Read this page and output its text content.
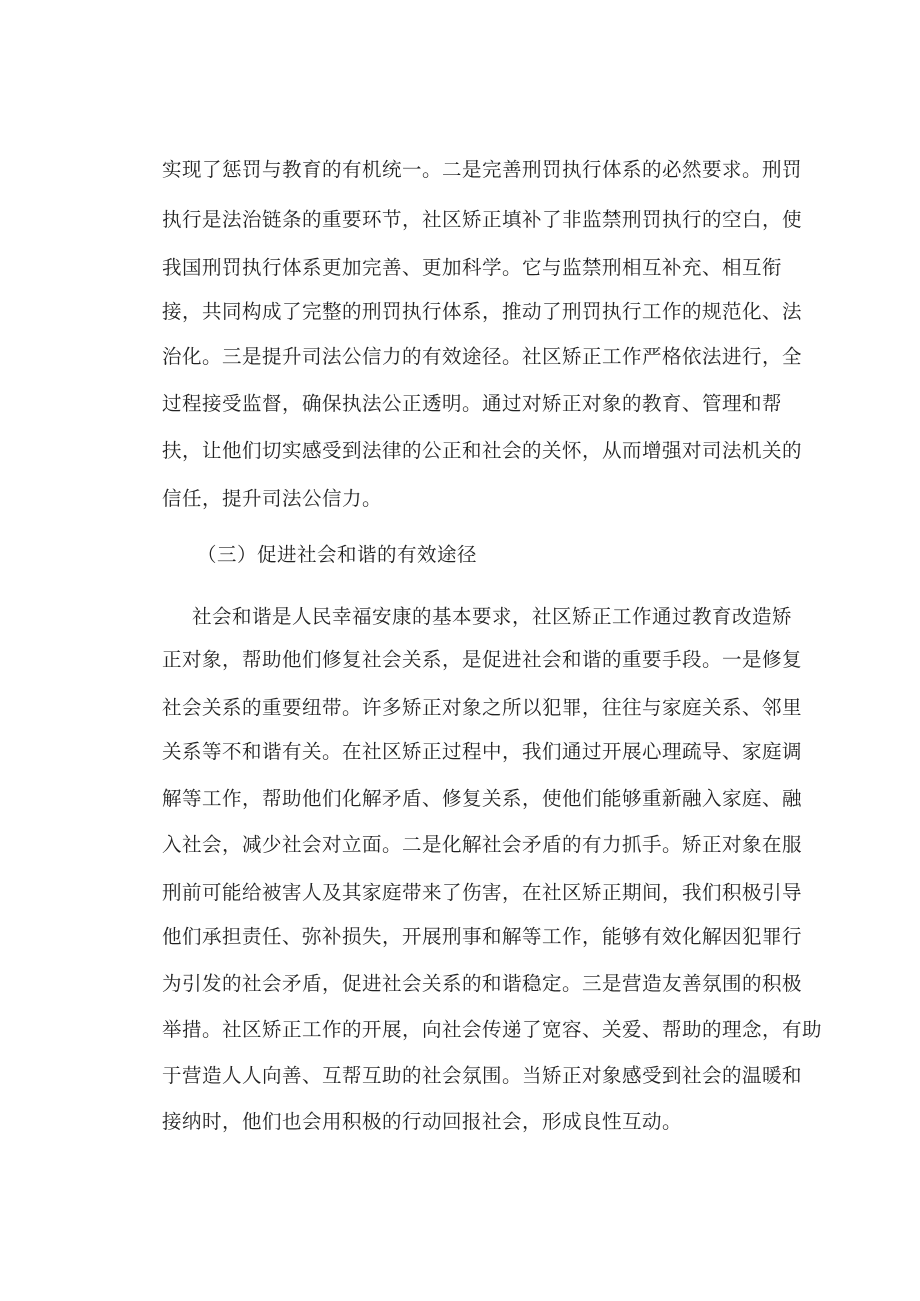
实现了惩罚与教育的有机统一。二是完善刑罚执行体系的必然要求。刑罚
执行是法治链条的重要环节，社区矫正填补了非监禁刑罚执行的空白，使
我国刑罚执行体系更加完善、更加科学。它与监禁刑相互补充、相互衔
接，共同构成了完整的刑罚执行体系，推动了刑罚执行工作的规范化、法
治化。三是提升司法公信力的有效途径。社区矫正工作严格依法进行，全
过程接受监督，确保执法公正透明。通过对矫正对象的教育、管理和帮
扶，让他们切实感受到法律的公正和社会的关怀，从而增强对司法机关的
信任，提升司法公信力。
（三）促进社会和谐的有效途径
社会和谐是人民幸福安康的基本要求，社区矫正工作通过教育改造矫
正对象，帮助他们修复社会关系，是促进社会和谐的重要手段。一是修复
社会关系的重要纽带。许多矫正对象之所以犯罪，往往与家庭关系、邻里
关系等不和谐有关。在社区矫正过程中，我们通过开展心理疏导、家庭调
解等工作，帮助他们化解矛盾、修复关系，使他们能够重新融入家庭、融
入社会，减少社会对立面。二是化解社会矛盾的有力抓手。矫正对象在服
刑前可能给被害人及其家庭带来了伤害，在社区矫正期间，我们积极引导
他们承担责任、弥补损失，开展刑事和解等工作，能够有效化解因犯罪行
为引发的社会矛盾，促进社会关系的和谐稳定。三是营造友善氛围的积极
举措。社区矫正工作的开展，向社会传递了宽容、关爱、帮助的理念，有助
于营造人人向善、互帮互助的社会氛围。当矫正对象感受到社会的温暖和
接纳时，他们也会用积极的行动回报社会，形成良性互动。
